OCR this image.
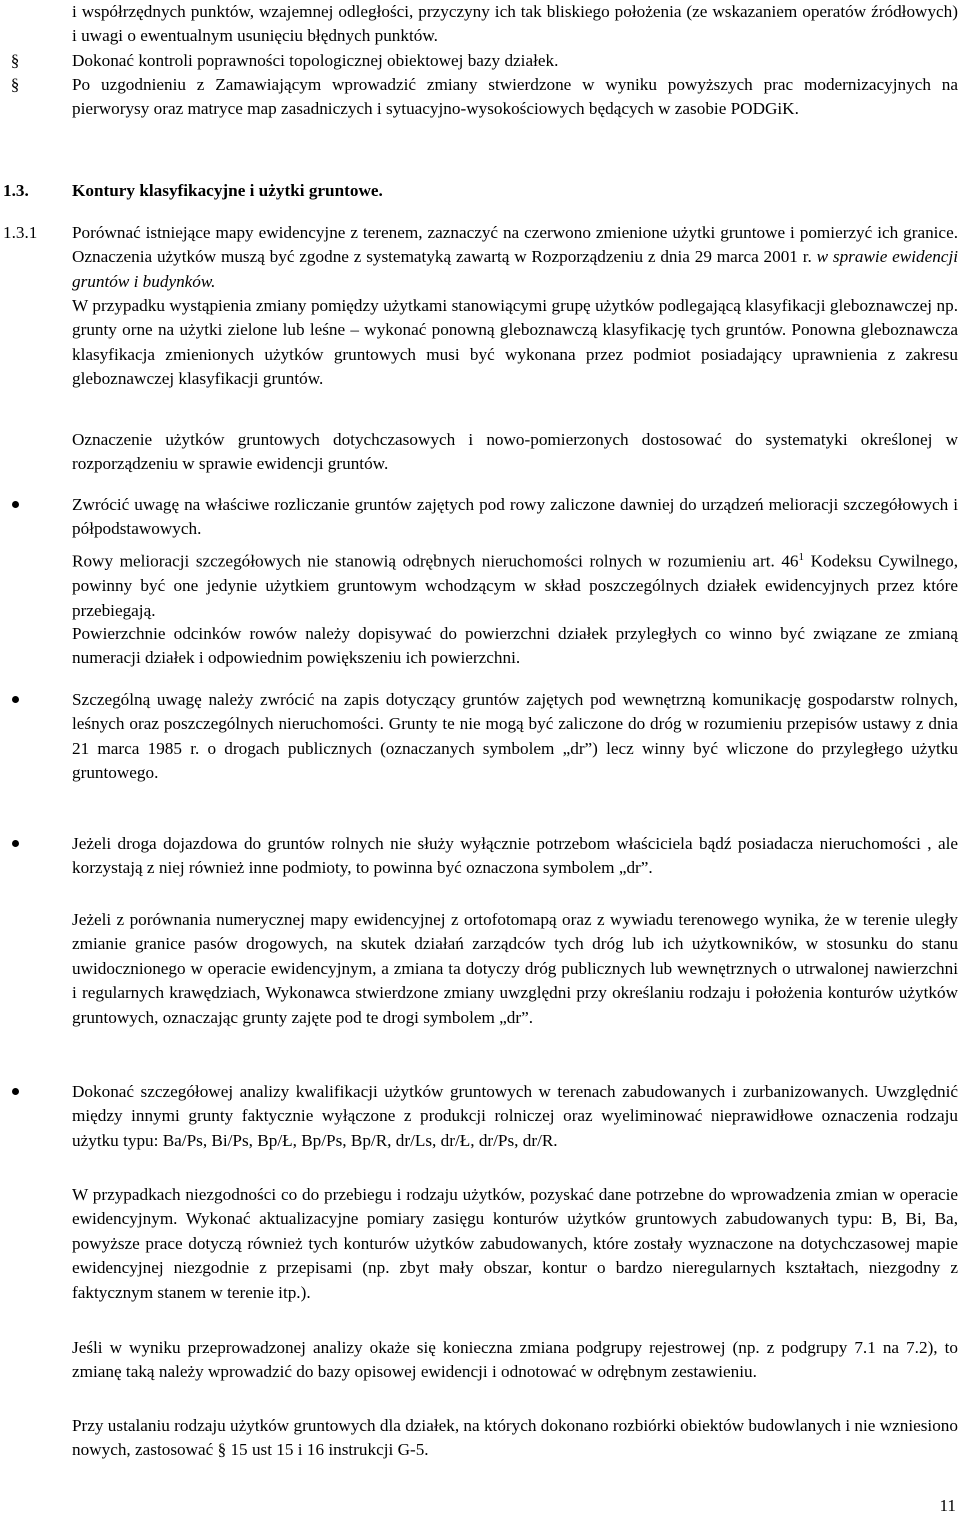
i współrzędnych punktów, wzajemnej odległości, przyczyny ich tak bliskiego położenia (ze wskazaniem operatów źródłowych) i uwagi o ewentualnym usunięciu błędnych punktów.

§	Dokonać kontroli poprawności topologicznej obiektowej bazy działek.

§	Po uzgodnieniu z Zamawiającym wprowadzić zmiany stwierdzone w wyniku powyższych prac modernizacyjnych na pierworysy oraz matryce map zasadniczych i sytuacyjno-wysokościowych będących w zasobie PODGiK.

1.3.	Kontury klasyfikacyjne i użytki gruntowe.
1.3.1 Porównać istniejące mapy ewidencyjne z terenem, zaznaczyć na czerwono zmienione użytki gruntowe i pomierzyć ich granice. Oznaczenia użytków muszą być zgodne z systematyką zawartą w Rozporządzeniu z dnia 29 marca 2001 r. w sprawie ewidencji gruntów i budynków.

W przypadku wystąpienia zmiany pomiędzy użytkami stanowiącymi grupę użytków podlegającą klasyfikacji gleboznawczej np. grunty orne na użytki zielone lub leśne – wykonać ponowną gleboznawczą klasyfikację tych gruntów. Ponowna gleboznawcza klasyfikacja zmienionych użytków gruntowych musi być wykonana przez podmiot posiadający uprawnienia z zakresu gleboznawczej klasyfikacji gruntów.

Oznaczenie użytków gruntowych dotychczasowych i nowo-pomierzonych dostosować do systematyki określonej w rozporządzeniu w sprawie ewidencji gruntów.

Zwrócić uwagę na właściwe rozliczanie gruntów zajętych pod rowy zaliczone dawniej do urządzeń melioracji szczegółowych i półpodstawowych.

Rowy melioracji szczegółowych nie stanowią odrębnych nieruchomości rolnych w rozumieniu art. $46^1$ Kodeksu Cywilnego, powinny być one jedynie użytkiem gruntowym wchodzącym w skład poszczególnych działek ewidencyjnych przez które przebiegają.

Powierzchnie odcinków rowów należy dopisywać do powierzchni działek przyległych co winno być związane ze zmianą numeracji działek i odpowiednim powiększeniu ich powierzchni.

Szczególną uwagę należy zwrócić na zapis dotyczący gruntów zajętych pod wewnętrzną komunikację gospodarstw rolnych, leśnych oraz poszczególnych nieruchomości. Grunty te nie mogą być zaliczone do dróg w rozumieniu przepisów ustawy z dnia 21 marca 1985 r. o drogach publicznych (oznaczanych symbolem „dr”) lecz winny być wliczone do przyległego użytku gruntowego.

Jeżeli droga dojazdowa do gruntów rolnych nie służy wyłącznie potrzebom właściciela bądź posiadacza nieruchomości , ale korzystają z niej również inne podmioty, to powinna być oznaczona symbolem „dr”.

Jeżeli z porównania numerycznej mapy ewidencyjnej z ortofotomapą oraz z wywiadu terenowego wynika, że w terenie uległy zmianie granice pasów drogowych, na skutek działań zarządców tych dróg lub ich użytkowników, w stosunku do stanu uwidocznionego w operacie ewidencyjnym, a zmiana ta dotyczy dróg publicznych lub wewnętrznych o utrwalonej nawierzchni i regularnych krawędziach, Wykonawca stwierdzone zmiany uwzględni przy określaniu rodzaju i położenia konturów użytków gruntowych, oznaczając grunty zajęte pod te drogi symbolem „dr”.

Dokonać szczegółowej analizy kwalifikacji użytków gruntowych w terenach zabudowanych i zurbanizowanych. Uwzględnić między innymi grunty faktycznie wyłączone z produkcji rolniczej oraz wyeliminować nieprawidłowe oznaczenia rodzaju użytku typu: Ba/Ps, Bi/Ps, Bp/Ł, Bp/Ps, Bp/R, dr/Ls, dr/Ł, dr/Ps, dr/R.

W przypadkach niezgodności co do przebiegu i rodzaju użytków, pozyskać dane potrzebne do wprowadzenia zmian w operacie ewidencyjnym. Wykonać aktualizacyjne pomiary zasięgu konturów użytków gruntowych zabudowanych typu: B, Bi, Ba, powyższe prace dotyczą również tych konturów użytków zabudowanych, które zostały wyznaczone na dotychczasowej mapie ewidencyjnej niezgodnie z przepisami (np. zbyt mały obszar, kontur o bardzo nieregularnych kształtach, niezgodny z faktycznym stanem w terenie itp.).

Jeśli w wyniku przeprowadzonej analizy okaże się konieczna zmiana podgrupy rejestrowej (np. z podgrupy 7.1 na 7.2), to zmianę taką należy wprowadzić do bazy opisowej ewidencji i odnotować w odrębnym zestawieniu.

Przy ustalaniu rodzaju użytków gruntowych dla działek, na których dokonano rozbiórki obiektów budowlanych i nie wzniesiono nowych, zastosować § 15 ust 15 i 16 instrukcji G-5.

11
